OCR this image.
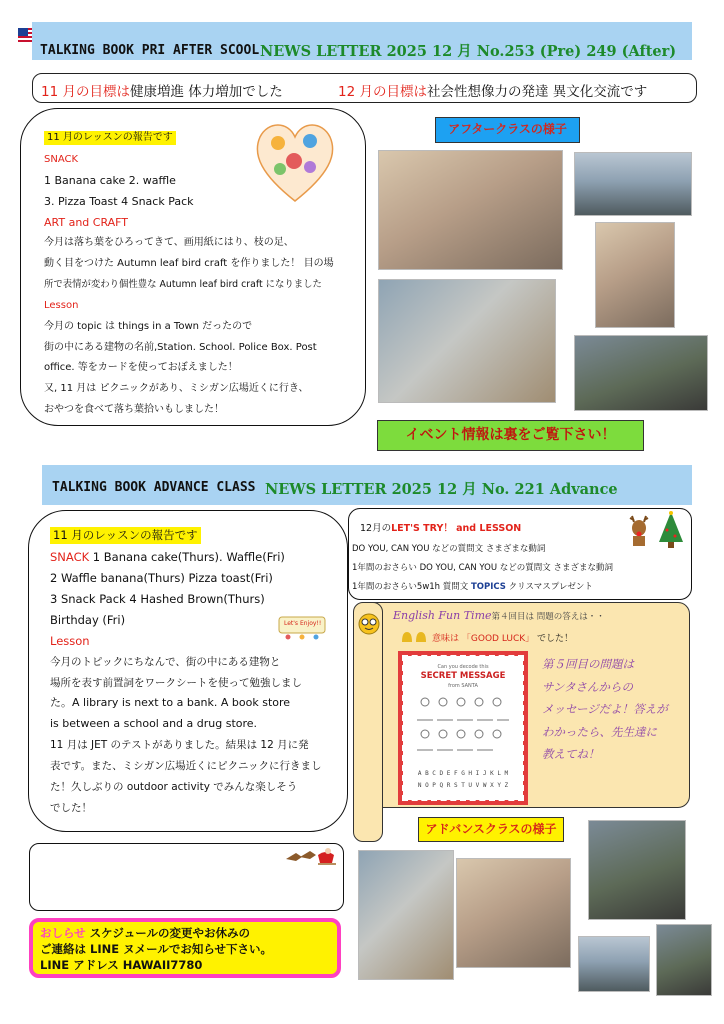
TALKING BOOK PRI AFTER SCOOL NEWS LETTER 2025 12 月 No.253 (Pre) 249 (After)
11 月の目標は健康増進 体力増加でした	12 月の目標は社会性想像力の発達 異文化交流です
11 月のレッスンの報告です
SNACK
1 Banana cake 2. waffle
3. Pizza Toast 4 Snack Pack
ART and CRAFT
今月は落ち葉をひろってきて、画用紙にはり、枝の足、
動く目をつけた Autumn leaf bird craft を作りました！ 目の場
所で表情が変わり個性豊な Autumn leaf bird craft になりました
Lesson
今月の topic は things in a Town だったので
街の中にある建物の名前,Station. School. Police Box. Post
office. 等をカードを使っておぼえました！
又, 11 月は ピクニックがあり、ミシガン広場近くに行き、
おやつを食べて落ち葉拾いもしました！
アフタークラスの様子
イベント情報は裏をご覧下さい！
TALKING BOOK ADVANCE CLASS NEWS LETTER 2025 12 月 No. 221 Advance
11 月のレッスンの報告です
SNACK 1 Banana cake(Thurs). Waffle(Fri)
2 Waffle banana(Thurs) Pizza toast(Fri)
3 Snack Pack 4 Hashed Brown(Thurs)
Birthday (Fri)	Let's Enjoy!!
Lesson
今月のトピックにちなんで、街の中にある建物と
場所を表す前置詞をワークシートを使って勉強しまし
た。A library is next to a bank. A book store
is between a school and a drug store.
11 月は JET のテストがありました。結果は 12 月に発
表です。また、ミシガン広場近くにピクニックに行きまし
た！久しぶりの outdoor activity でみんな楽しそう
でした！
おしらせ スケジュールの変更やお休みの
ご連絡は LINE ヌメールでお知らせ下さい。
LINE アドレス HAWAII7780
12月のLET'S TRY！ and LESSON
DO YOU, CAN YOU などの質問文 さまざまな動詞
1年間のおさらい DO YOU, CAN YOU などの質問文 さまざまな動詞
1年間のおさらい5w1h 質問文 TOPICS クリスマスプレゼント
English Fun Time第４回目は 問題の答えは・・
意味は 「GOOD LUCK」 でした！
Can you decode this
SECRET MESSAGE
from SANTA
A B C D E F G H I J K L M
N O P Q R S T U V W X Y Z
第５回目の問題は
サンタさんからの
メッセージだよ！答えが
わかったら、先生達に
教えてね！
アドバンスクラスの様子
